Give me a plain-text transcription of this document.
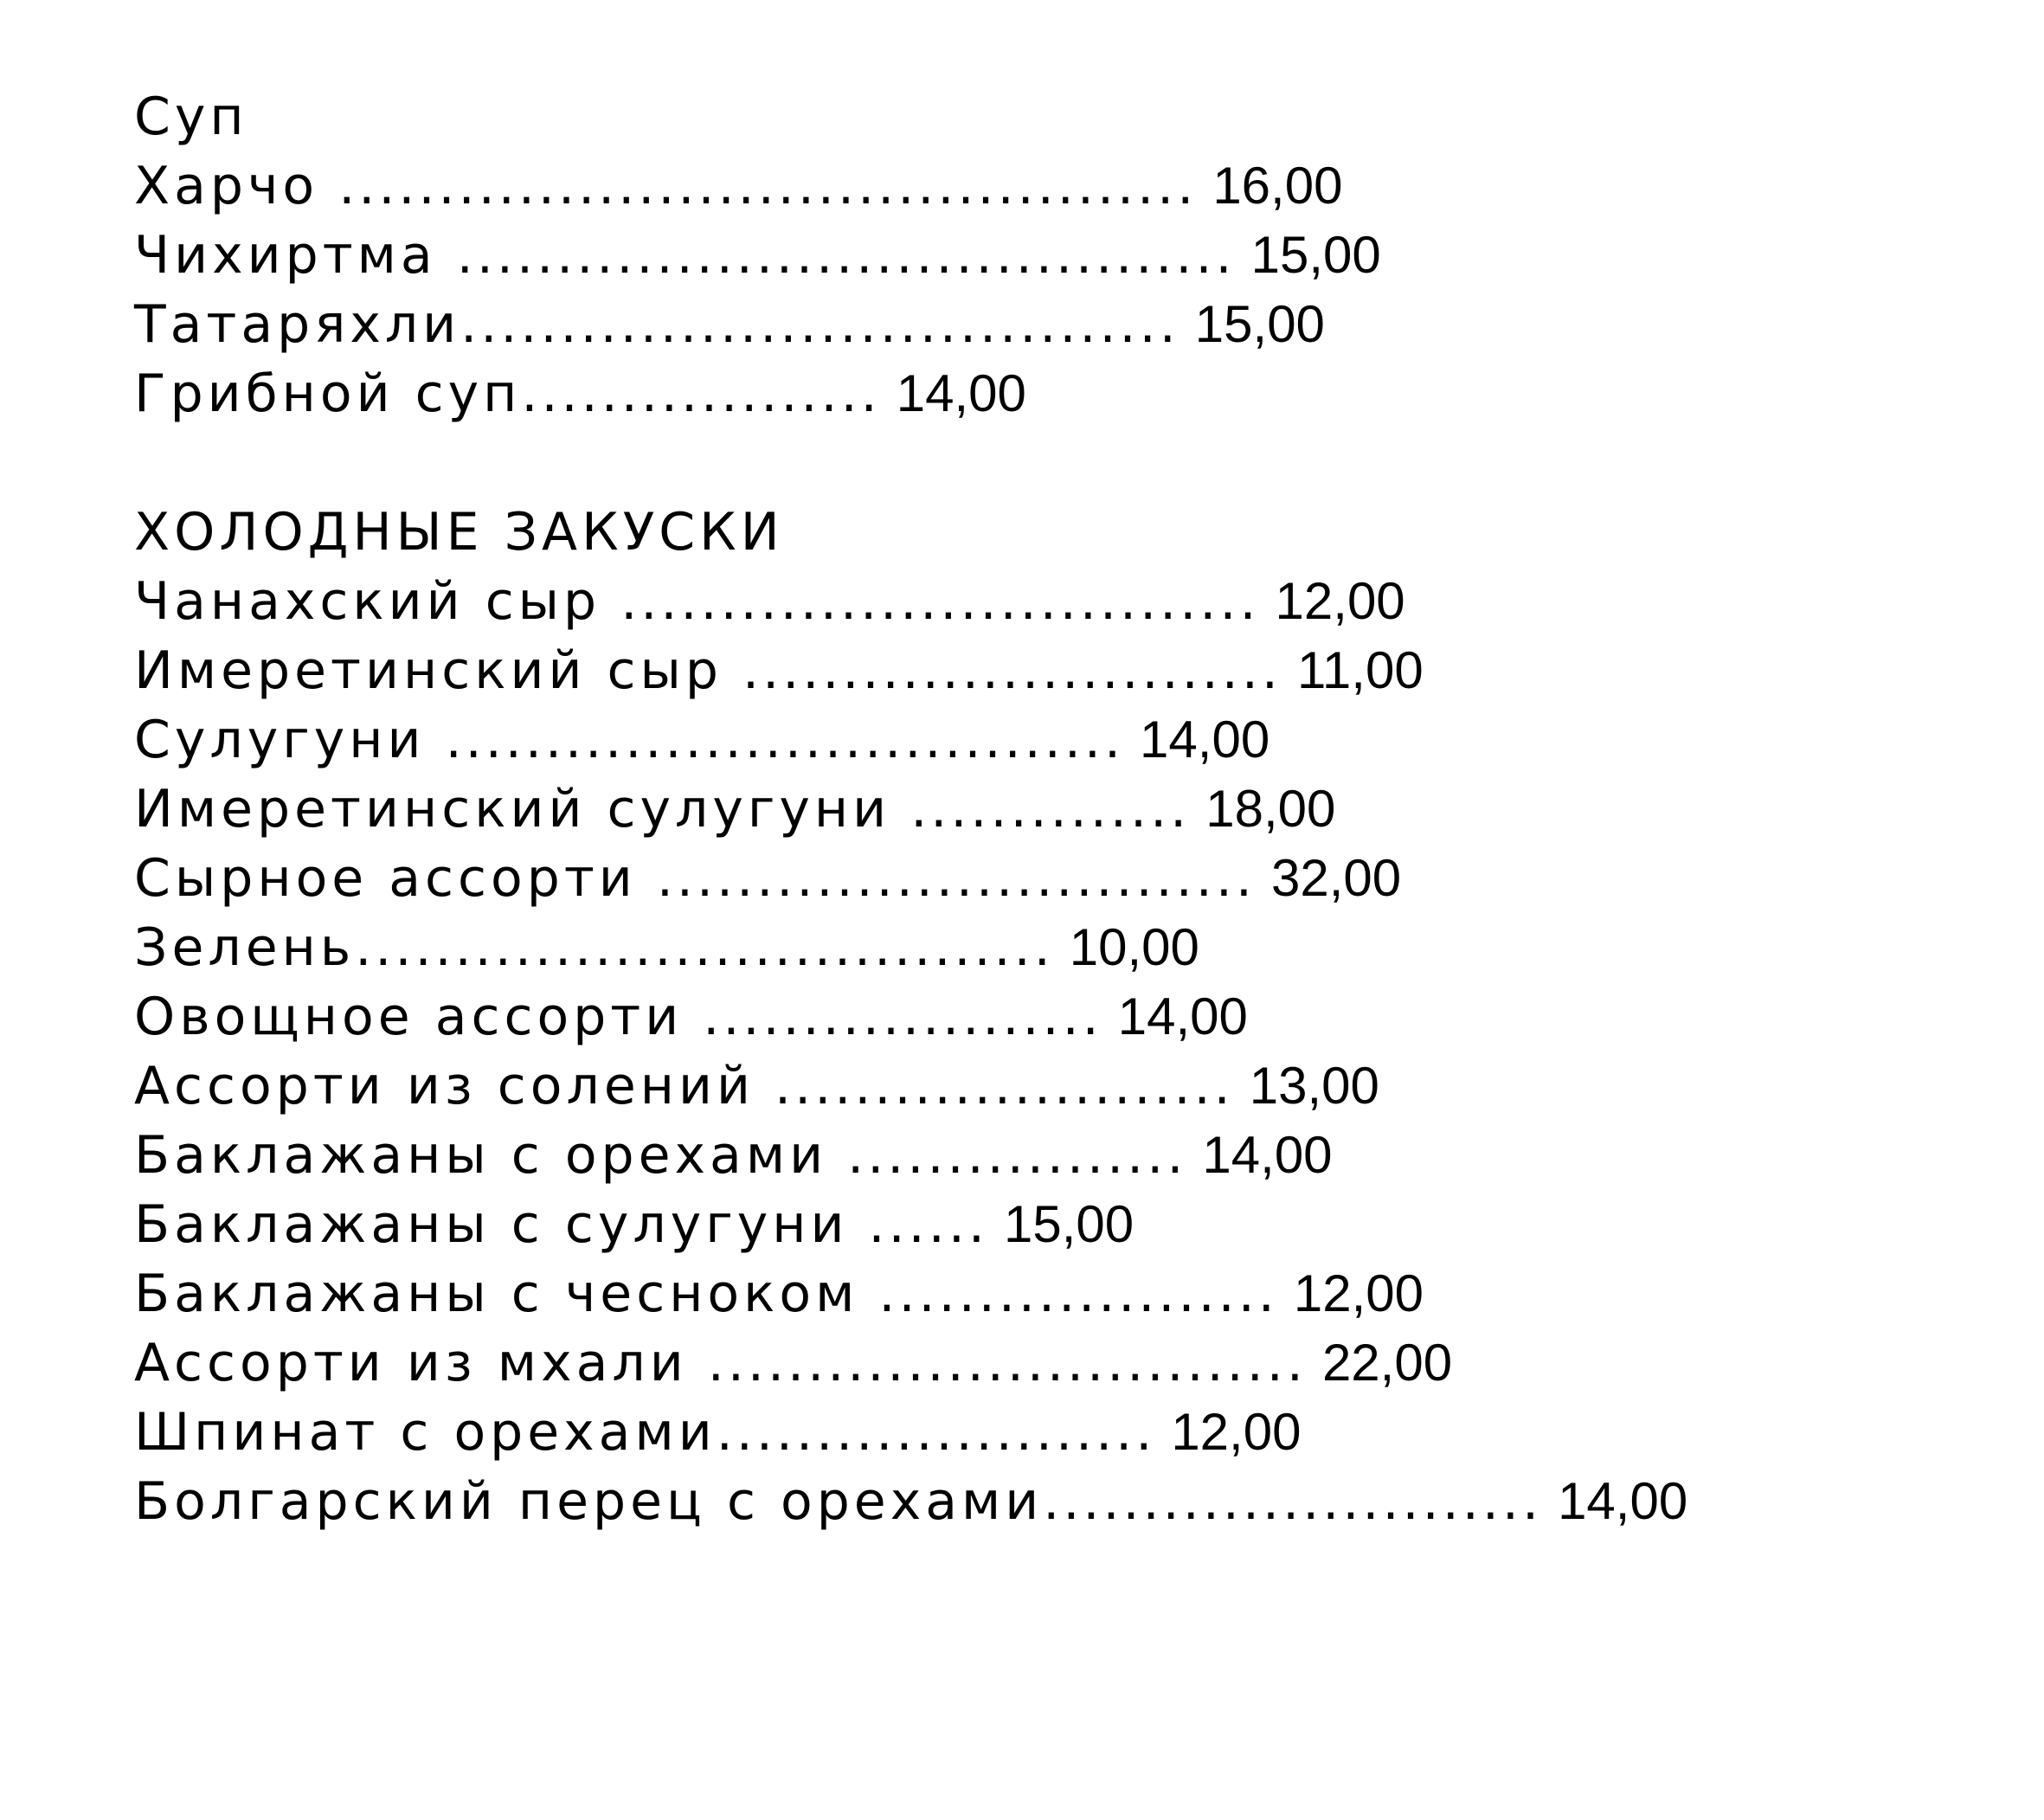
Суп
Харчо ........................................... 16,00
Чихиртма ....................................... 15,00
Татаряхли.................................... 15,00
Грибной суп.................. 14,00
ХОЛОДНЫЕ ЗАКУСКИ
Чанахский сыр ................................ 12,00
Имеретинский сыр ........................... 11,00
Сулугуни .................................. 14,00
Имеретинский сулугуни .............. 18,00
Сырное ассорти .............................. 32,00
Зелень................................... 10,00
Овощное ассорти .................... 14,00
Ассорти из солений ....................... 13,00
Баклажаны с орехами ................. 14,00
Баклажаны с сулугуни ...... 15,00
Баклажаны с чесноком .................... 12,00
Ассорти из мхали .............................. 22,00
Шпинат с орехами...................... 12,00
Болгарский перец с орехами......................... 14,00
